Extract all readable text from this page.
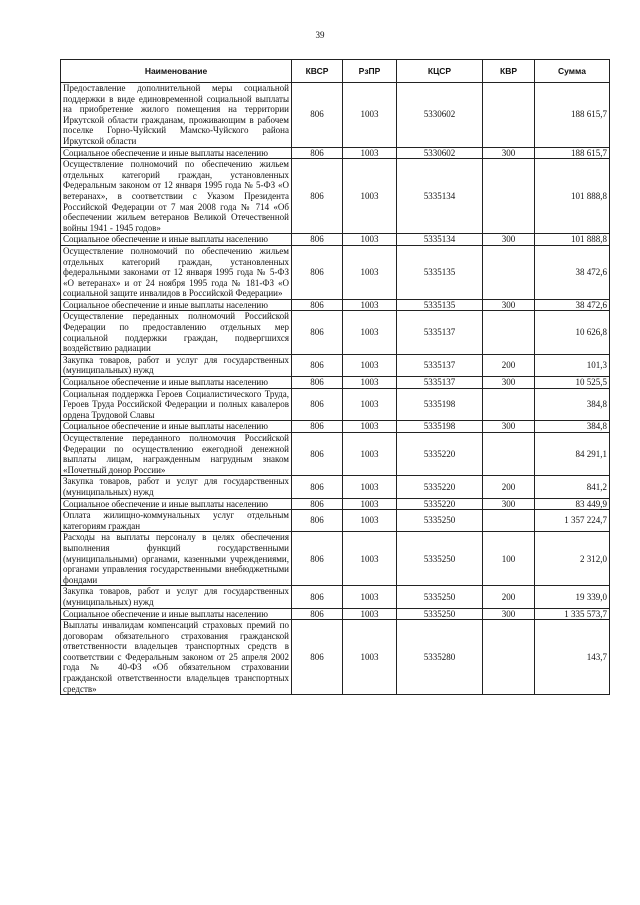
39
Наименование	КВСР	РзПР	КЦСР	КВР	Сумма
Предоставление дополнительной меры социальной поддержки в виде единовременной социальной выплаты на приобретение жилого помещения на территории Иркутской области гражданам, проживающим в рабочем поселке Горно-Чуйский Мамско-Чуйского района Иркутской области	806	1003	5330602		188 615,7
Социальное обеспечение и иные выплаты населению	806	1003	5330602	300	188 615,7
Осуществление полномочий по обеспечению жильем отдельных категорий граждан, установленных Федеральным законом от 12 января 1995 года № 5-ФЗ «О ветеранах», в соответствии с Указом Президента Российской Федерации от 7 мая 2008 года № 714 «Об обеспечении жильем ветеранов Великой Отечественной войны 1941 - 1945 годов»	806	1003	5335134		101 888,8
Социальное обеспечение и иные выплаты населению	806	1003	5335134	300	101 888,8
Осуществление полномочий по обеспечению жильем отдельных категорий граждан, установленных федеральными законами от 12 января 1995 года № 5-ФЗ «О ветеранах» и от 24 ноября 1995 года № 181-ФЗ «О социальной защите инвалидов в Российской Федерации»	806	1003	5335135		38 472,6
Социальное обеспечение и иные выплаты населению	806	1003	5335135	300	38 472,6
Осуществление переданных полномочий Российской Федерации по предоставлению отдельных мер социальной поддержки граждан, подвергшихся воздействию радиации	806	1003	5335137		10 626,8
Закупка товаров, работ и услуг для государственных (муниципальных) нужд	806	1003	5335137	200	101,3
Социальное обеспечение и иные выплаты населению	806	1003	5335137	300	10 525,5
Социальная поддержка Героев Социалистического Труда, Героев Труда Российской Федерации и полных кавалеров ордена Трудовой Славы	806	1003	5335198		384,8
Социальное обеспечение и иные выплаты населению	806	1003	5335198	300	384,8
Осуществление переданного полномочия Российской Федерации по осуществлению ежегодной денежной выплаты лицам, награжденным нагрудным знаком «Почетный донор России»	806	1003	5335220		84 291,1
Закупка товаров, работ и услуг для государственных (муниципальных) нужд	806	1003	5335220	200	841,2
Социальное обеспечение и иные выплаты населению	806	1003	5335220	300	83 449,9
Оплата жилищно-коммунальных услуг отдельным категориям граждан	806	1003	5335250		1 357 224,7
Расходы на выплаты персоналу в целях обеспечения выполнения функций государственными (муниципальными) органами, казенными учреждениями, органами управления государственными внебюджетными фондами	806	1003	5335250	100	2 312,0
Закупка товаров, работ и услуг для государственных (муниципальных) нужд	806	1003	5335250	200	19 339,0
Социальное обеспечение и иные выплаты населению	806	1003	5335250	300	1 335 573,7
Выплаты инвалидам компенсаций страховых премий по договорам обязательного страхования гражданской ответственности владельцев транспортных средств в соответствии с Федеральным законом от 25 апреля 2002 года № 40-ФЗ «Об обязательном страховании гражданской ответственности владельцев транспортных средств»	806	1003	5335280		143,7
